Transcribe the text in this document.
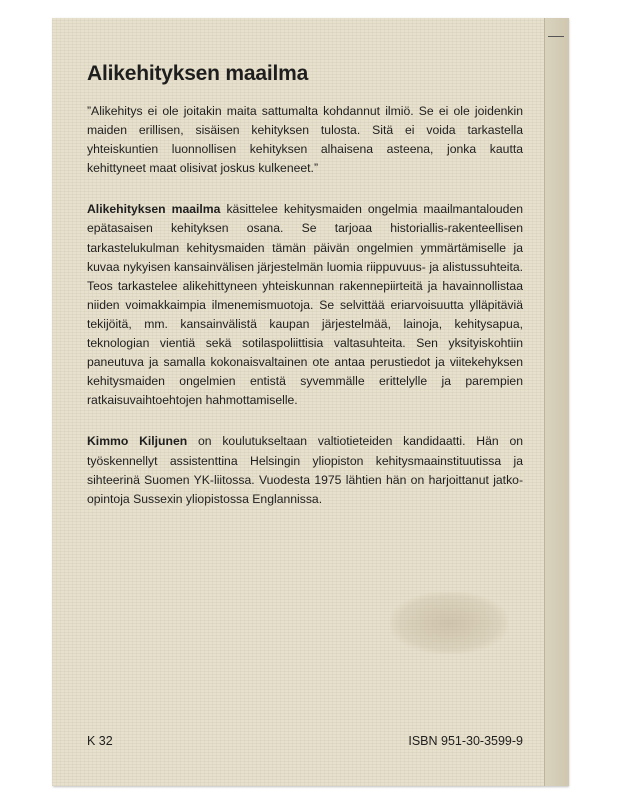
Alikehityksen maailma

”Alikehitys ei ole joitakin maita sattumalta kohdannut ilmiö. Se ei ole joidenkin maiden erillisen, sisäisen kehityksen tulosta. Sitä ei voida tarkastella yhteiskuntien luonnollisen kehityksen alhaisena asteena, jonka kautta kehittyneet maat olisivat joskus kulkeneet.”

Alikehityksen maailma käsittelee kehitysmaiden ongelmia maailmantalouden epätasaisen kehityksen osana. Se tarjoaa historiallis-rakenteellisen tarkastelukulman kehitysmaiden tämän päivän ongelmien ymmärtämiselle ja kuvaa nykyisen kansainvälisen järjestelmän luomia riippuvuus- ja alistussuhteita. Teos tarkastelee alikehittyneen yhteiskunnan rakennepiirteitä ja havainnollistaa niiden voimakkaimpia ilmenemismuotoja. Se selvittää eriarvoisuutta ylläpitäviä tekijöitä, mm. kansainvälistä kaupan järjestelmää, lainoja, kehitysapua, teknologian vientiä sekä sotilaspoliittisia valtasuhteita. Sen yksityiskohtiin paneutuva ja samalla kokonaisvaltainen ote antaa perustiedot ja viitekehyksen kehitysmaiden ongelmien entistä syvemmälle erittelylle ja parempien ratkaisuvaihtoehtojen hahmottamiselle.

Kimmo Kiljunen on koulutukseltaan valtiotieteiden kandidaatti. Hän on työskennellyt assistenttina Helsingin yliopiston kehitysmaainstituutissa ja sihteerinä Suomen YK-liitossa. Vuodesta 1975 lähtien hän on harjoittanut jatko-opintoja Sussexin yliopistossa Englannissa.

K 32	ISBN 951-30-3599-9
